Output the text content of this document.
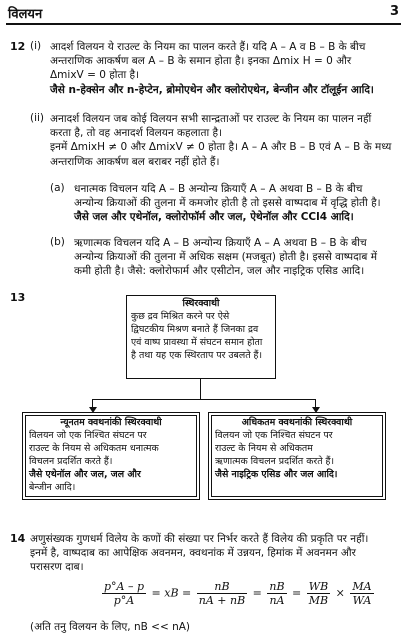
विलयन	3
12 (i) आदर्श विलयन ये राउल्ट के नियम का पालन करते हैं। यदि A – A व B – B के बीच
अन्तराणिक आकर्षण बल A – B के समान होता है। इनका Δmix H = 0 और
ΔmixV = 0 होता है।
जैसे n-हेक्सेन और n-हेप्टेन, ब्रोमोएथेन और क्लोरोएथेन, बेन्जीन और टॉलूईन आदि।
(ii) अनादर्श विलयन जब कोई विलयन सभी सान्द्रताओं पर राउल्ट के नियम का पालन नहीं
करता है, तो वह अनादर्श विलयन कहलाता है।
इनमें ΔmixH ≠ 0 और ΔmixV ≠ 0 होता है। A – A और B – B एवं A – B के मध्य
अन्तराणिक आकर्षण बल बराबर नहीं होते हैं।
(a) धनात्मक विचलन यदि A – B अन्योन्य क्रियाएँ A – A अथवा B – B के बीच
अन्योन्य क्रियाओं की तुलना में कमजोर होती है तो इससे वाष्पदाब में वृद्धि होती है।
जैसे जल और एथेनॉल, क्लोरोफॉर्म और जल, ऐथेनॉल और CCl4 आदि।
(b) ऋणात्मक विचलन यदि A – B अन्योन्य क्रियाएँ A – A अथवा B – B के बीच
अन्योन्य क्रियाओं की तुलना में अधिक सक्षम (मजबूत) होती है। इससे वाष्पदाब में
कमी होती है। जैसे: क्लोरोफार्म और एसीटोन, जल और नाइट्रिक एसिड आदि।
13	स्थिरक्वाथी
कुछ द्रव मिश्रित करने पर ऐसे
द्विघटकीय मिश्रण बनाते हैं जिनका द्रव
एवं वाष्प प्रावस्था में संघटन समान होता
है तथा यह एक स्थिरताप पर उबलते हैं।
न्यूनतम क्वथनांकी स्थिरक्वाथी
विलयन जो एक निश्चित संघटन पर
राउल्ट के नियम से अधिकतम धनात्मक
विचलन प्रदर्शित करते हैं।
जैसे एथेनॉल और जल, जल और
बेन्जीन आदि।
अधिकतम क्वथनांकी स्थिरक्वाथी
विलयन जो एक निश्चित संघटन पर
राउल्ट के नियम से अधिकतम
ऋणात्मक विचलन प्रदर्शित करते हैं।
जैसे नाइट्रिक एसिड और जल आदि।
14 अणुसंख्यक गुणधर्म विलेय के कणों की संख्या पर निर्भर करते हैं विलेय की प्रकृति पर नहीं।
इनमें है, वाष्पदाब का आपेक्षिक अवनमन, क्वथनांक में उन्नयन, हिमांक में अवनमन और
परासरण दाब।
$\frac{p^\circ A - p}{p^\circ A}$ = xB = $\frac{nB}{nA + nB} = \frac{nB}{nA} = \frac{WB}{MB} \times \frac{MA}{WA}$
(अति तनु विलयन के लिए, nB << nA)
